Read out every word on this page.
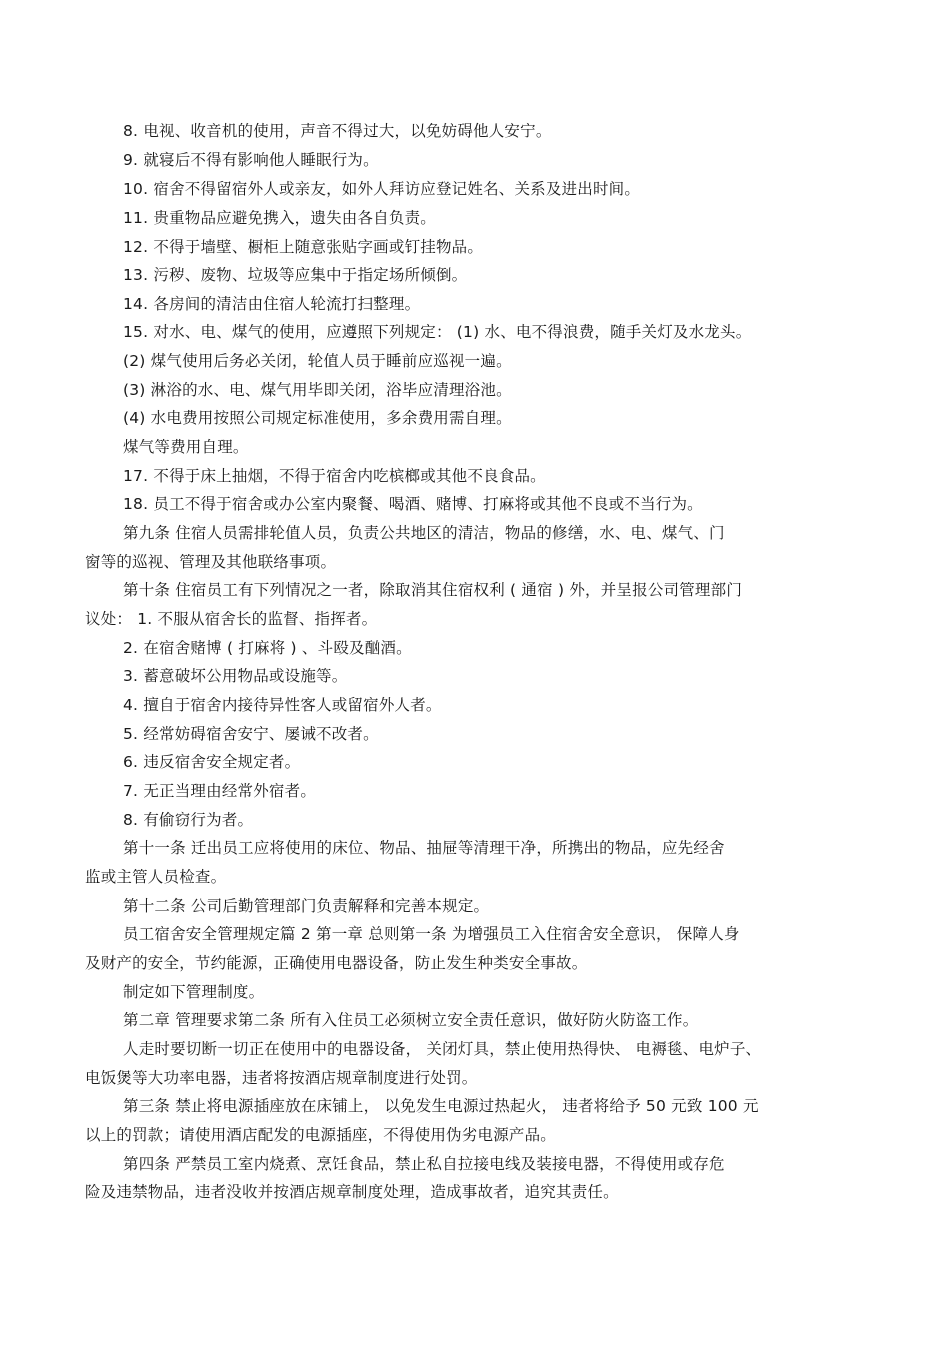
8. 电视、收音机的使用，声音不得过大，以免妨碍他人安宁。
9. 就寝后不得有影响他人睡眠行为。
10. 宿舍不得留宿外人或亲友，如外人拜访应登记姓名、关系及进出时间。
11. 贵重物品应避免携入，遗失由各自负责。
12. 不得于墙壁、橱柜上随意张贴字画或钉挂物品。
13. 污秽、废物、垃圾等应集中于指定场所倾倒。
14. 各房间的清洁由住宿人轮流打扫整理。
15. 对水、电、煤气的使用，应遵照下列规定： (1) 水、电不得浪费，随手关灯及水龙头。
(2) 煤气使用后务必关闭，轮值人员于睡前应巡视一遍。
(3) 淋浴的水、电、煤气用毕即关闭，浴毕应清理浴池。
(4) 水电费用按照公司规定标准使用，多余费用需自理。
煤气等费用自理。
17. 不得于床上抽烟，不得于宿舍内吃槟榔或其他不良食品。
18. 员工不得于宿舍或办公室内聚餐、喝酒、赌博、打麻将或其他不良或不当行为。
第九条 住宿人员需排轮值人员，负责公共地区的清洁，物品的修缮，水、电、煤气、门
窗等的巡视、管理及其他联络事项。
第十条 住宿员工有下列情况之一者，除取消其住宿权利 ( 通宿 ) 外，并呈报公司管理部门
议处： 1. 不服从宿舍长的监督、指挥者。
2. 在宿舍赌博 ( 打麻将 ) 、斗殴及酗酒。
3. 蓄意破坏公用物品或设施等。
4. 擅自于宿舍内接待异性客人或留宿外人者。
5. 经常妨碍宿舍安宁、屡诫不改者。
6. 违反宿舍安全规定者。
7. 无正当理由经常外宿者。
8. 有偷窃行为者。
第十一条 迁出员工应将使用的床位、物品、抽屉等清理干净，所携出的物品，应先经舍
监或主管人员检查。
第十二条 公司后勤管理部门负责解释和完善本规定。
员工宿舍安全管理规定篇 2 第一章 总则第一条 为增强员工入住宿舍安全意识， 保障人身
及财产的安全，节约能源，正确使用电器设备，防止发生种类安全事故。
制定如下管理制度。
第二章 管理要求第二条 所有入住员工必须树立安全责任意识，做好防火防盗工作。
人走时要切断一切正在使用中的电器设备， 关闭灯具，禁止使用热得快、 电褥毯、电炉子、
电饭煲等大功率电器，违者将按酒店规章制度进行处罚。
第三条 禁止将电源插座放在床铺上， 以免发生电源过热起火， 违者将给予 50 元致 100 元
以上的罚款；请使用酒店配发的电源插座，不得使用伪劣电源产品。
第四条 严禁员工室内烧煮、烹饪食品，禁止私自拉接电线及装接电器，不得使用或存危
险及违禁物品，违者没收并按酒店规章制度处理，造成事故者，追究其责任。
